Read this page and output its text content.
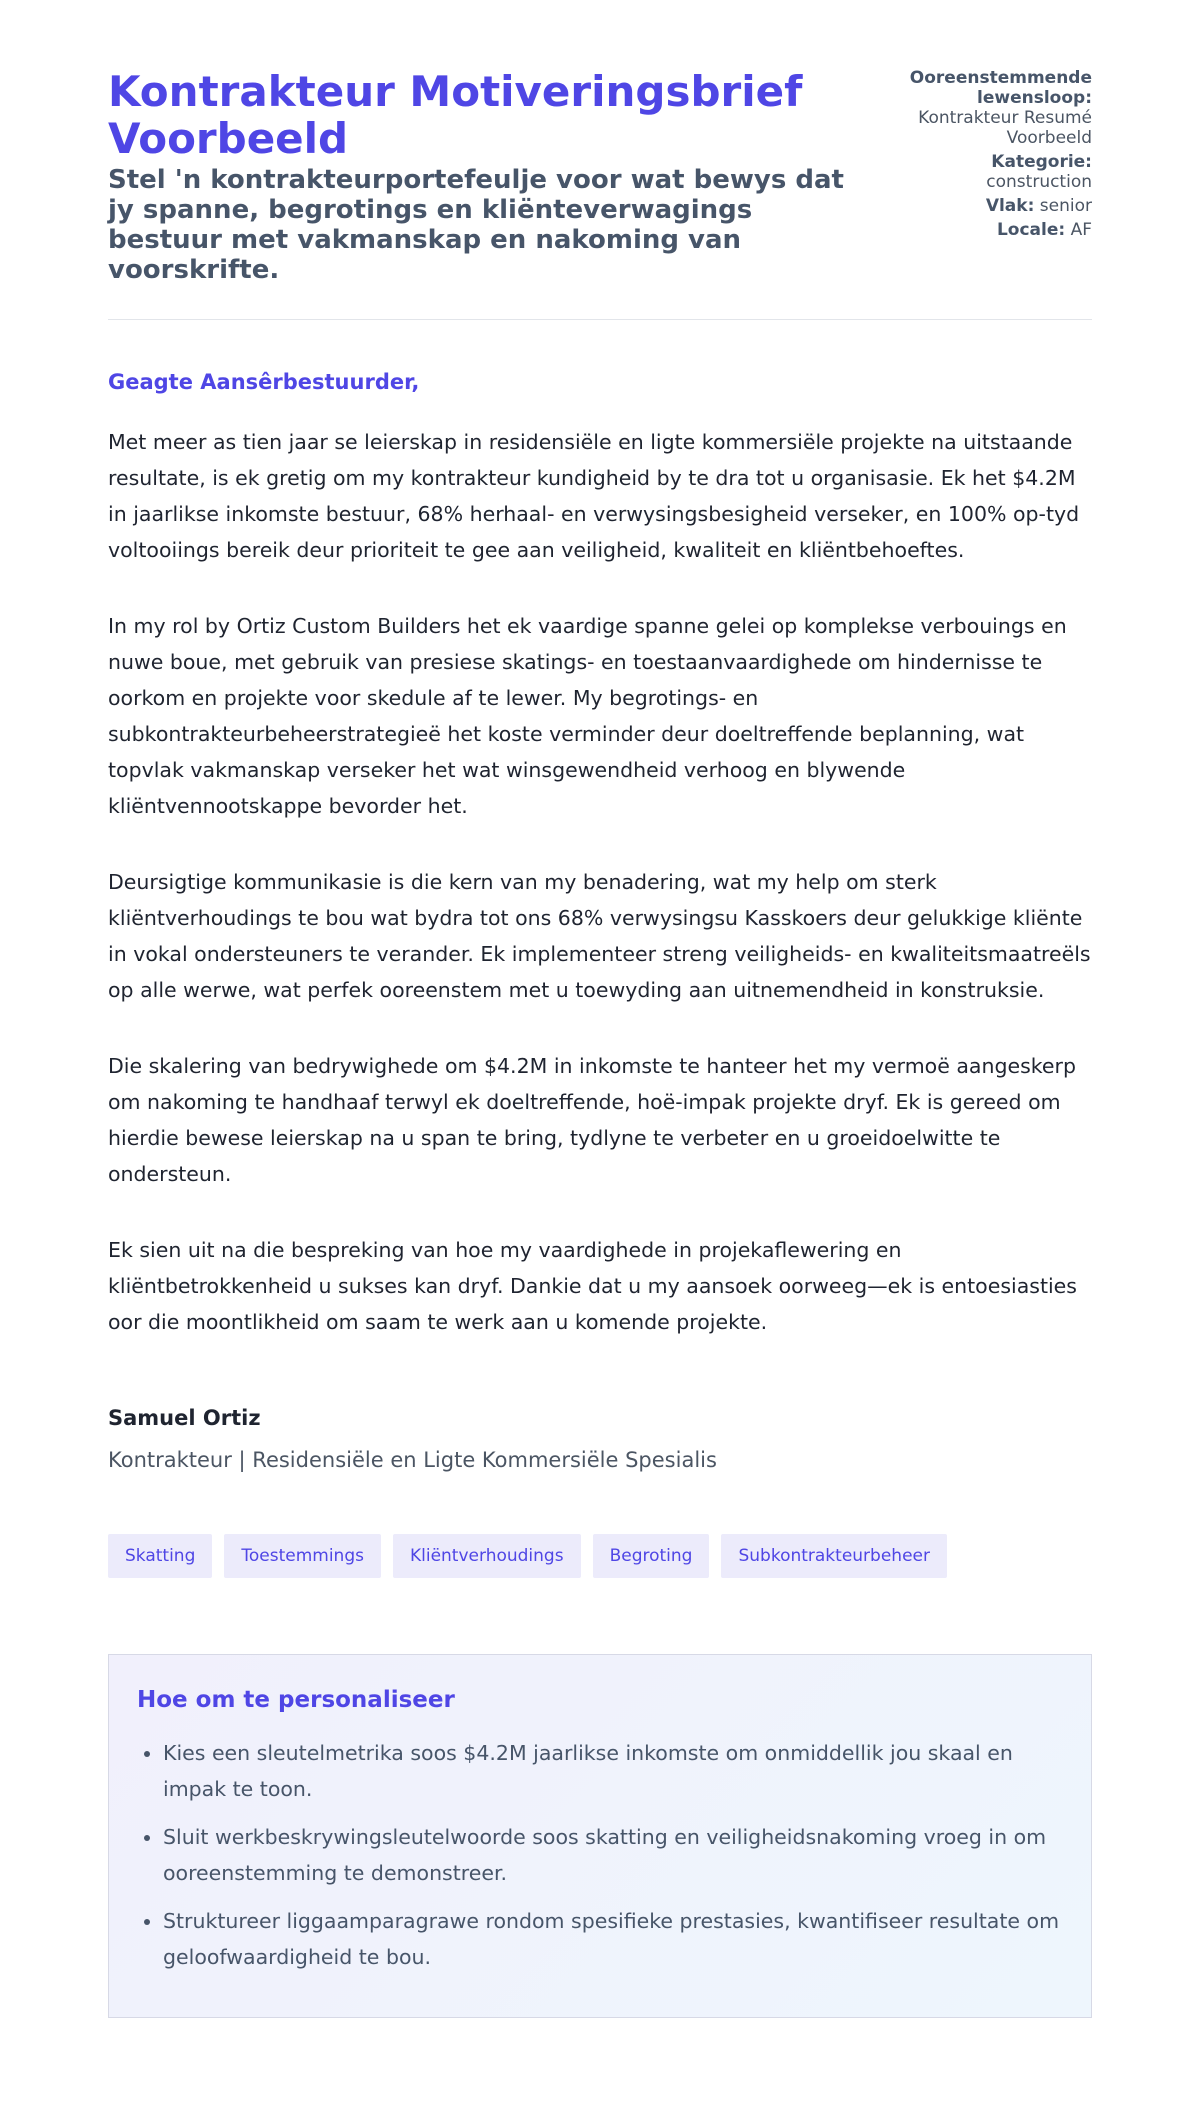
Kontrakteur Motiveringsbrief Voorbeeld
Stel 'n kontrakteurportefeulje voor wat bewys dat jy spanne, begrotings en kliënteverwagings bestuur met vakmanskap en nakoming van voorskrifte.
Ooreenstemmende lewensloop:
Kontrakteur Resumé Voorbeeld
Kategorie:
construction
Vlak: senior
Locale: AF
Geagte Aansêrbestuurder,

Met meer as tien jaar se leierskap in residensiële en ligte kommersiële projekte na uitstaande resultate, is ek gretig om my kontrakteur kundigheid by te dra tot u organisasie. Ek het $4.2M in jaarlikse inkomste bestuur, 68% herhaal- en verwysingsbesigheid verseker, en 100% op-tyd voltooiings bereik deur prioriteit te gee aan veiligheid, kwaliteit en kliëntbehoeftes.

In my rol by Ortiz Custom Builders het ek vaardige spanne gelei op komplekse verbouings en nuwe boue, met gebruik van presiese skatings- en toestaanvaardighede om hindernisse te oorkom en projekte voor skedule af te lewer. My begrotings- en subkontrakteurbeheerstrategieë het koste verminder deur doeltreffende beplanning, wat topvlak vakmanskap verseker het wat winsgewendheid verhoog en blywende kliëntvennootskappe bevorder het.

Deursigtige kommunikasie is die kern van my benadering, wat my help om sterk kliëntverhoudings te bou wat bydra tot ons 68% verwysingsu Kasskoers deur gelukkige kliënte in vokal ondersteuners te verander. Ek implementeer streng veiligheids- en kwaliteitsmaatreëls op alle werwe, wat perfek ooreenstem met u toewyding aan uitnemendheid in konstruksie.

Die skalering van bedrywighede om $4.2M in inkomste te hanteer het my vermoë aangeskerp om nakoming te handhaaf terwyl ek doeltreffende, hoë-impak projekte dryf. Ek is gereed om hierdie bewese leierskap na u span te bring, tydlyne te verbeter en u groeidoelwitte te ondersteun.

Ek sien uit na die bespreking van hoe my vaardighede in projekaflewering en kliëntbetrokkenheid u sukses kan dryf. Dankie dat u my aansoek oorweeg—ek is entoesiasties oor die moontlikheid om saam te werk aan u komende projekte.

Samuel Ortiz
Kontrakteur | Residensiële en Ligte Kommersiële Spesialis
Skatting	Toestemmings	Kliëntverhoudings	Begroting	Subkontrakteurbeheer
Hoe om te personaliseer
• Kies een sleutelmetrika soos $4.2M jaarlikse inkomste om onmiddellik jou skaal en impak te toon.
• Sluit werkbeskrywingsleutelwoorde soos skatting en veiligheidsnakoming vroeg in om ooreenstemming te demonstreer.
• Struktureer liggaamparagrawe rondom spesifieke prestasies, kwantifiseer resultate om geloofwaardigheid te bou.
